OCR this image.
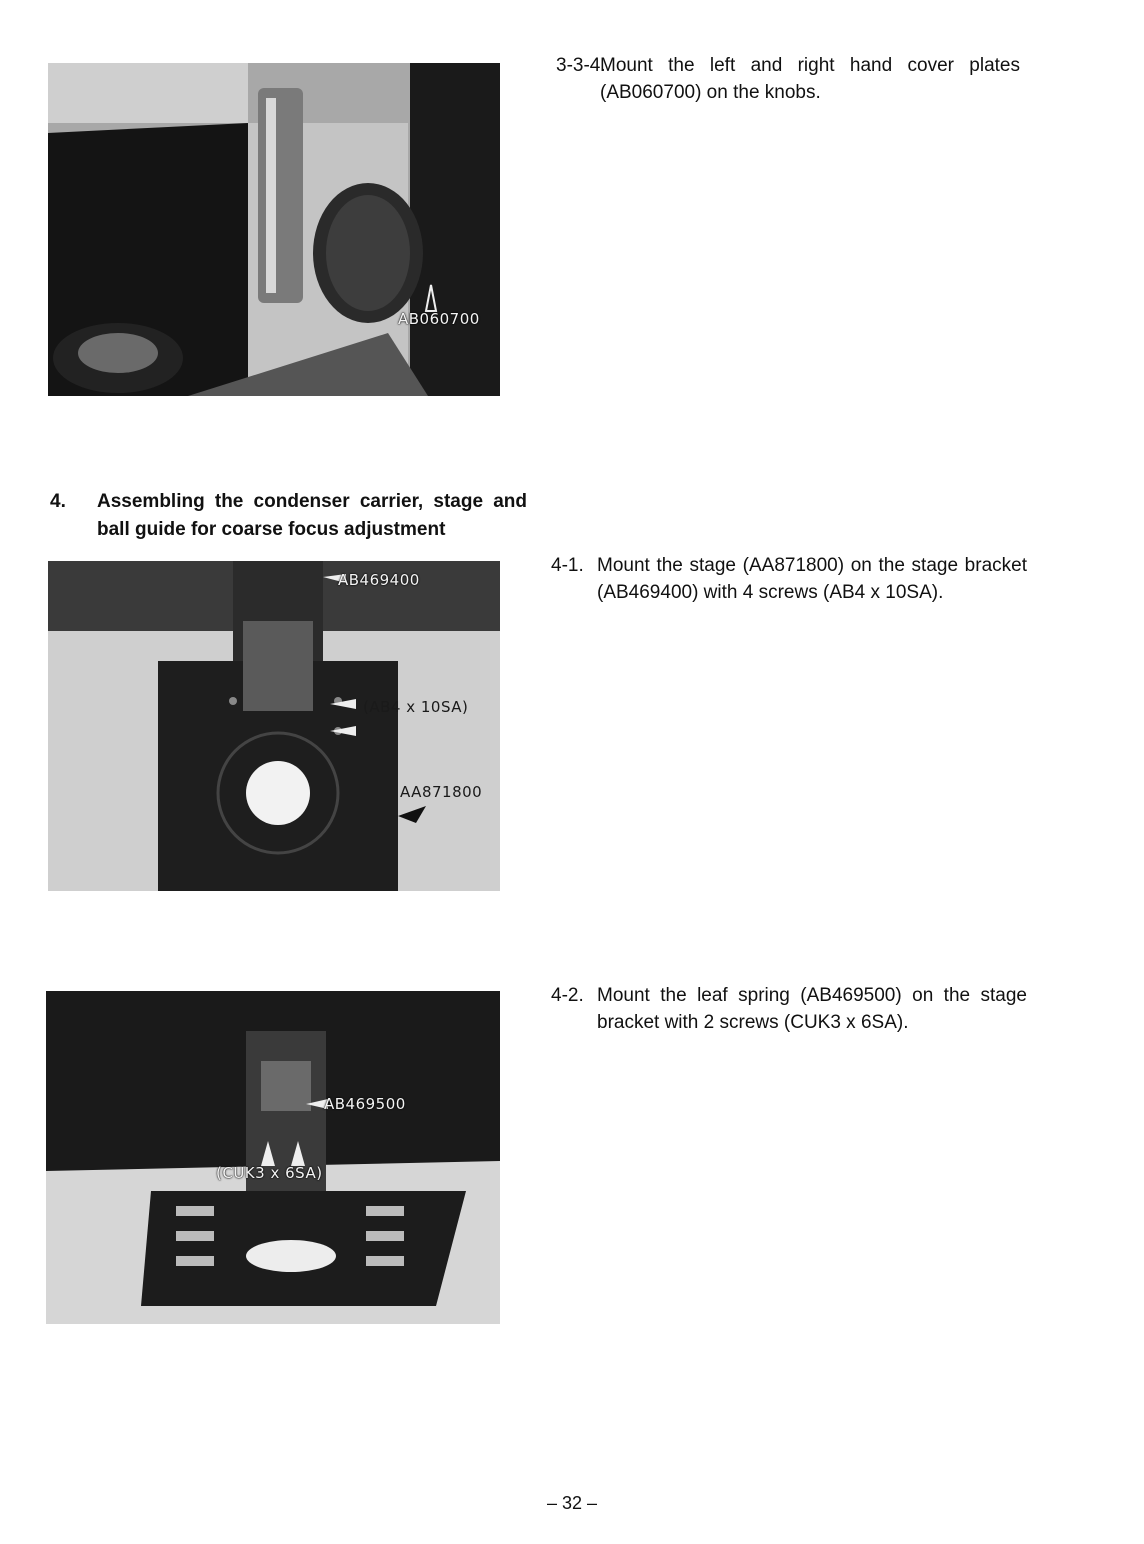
AB060700
3-3-4.
Mount the left and right hand cover plates (AB060700) on the knobs.
4. Assembling the condenser carrier, stage and ball guide for coarse focus adjustment
AB469400
(AB4 x 10SA)
AA871800
4-1. Mount the stage (AA871800) on the stage bracket (AB469400) with 4 screws (AB4 x 10SA).
AB469500
(CUK3 x 6SA)
4-2. Mount the leaf spring (AB469500) on the stage bracket with 2 screws (CUK3 x 6SA).
– 32 –
